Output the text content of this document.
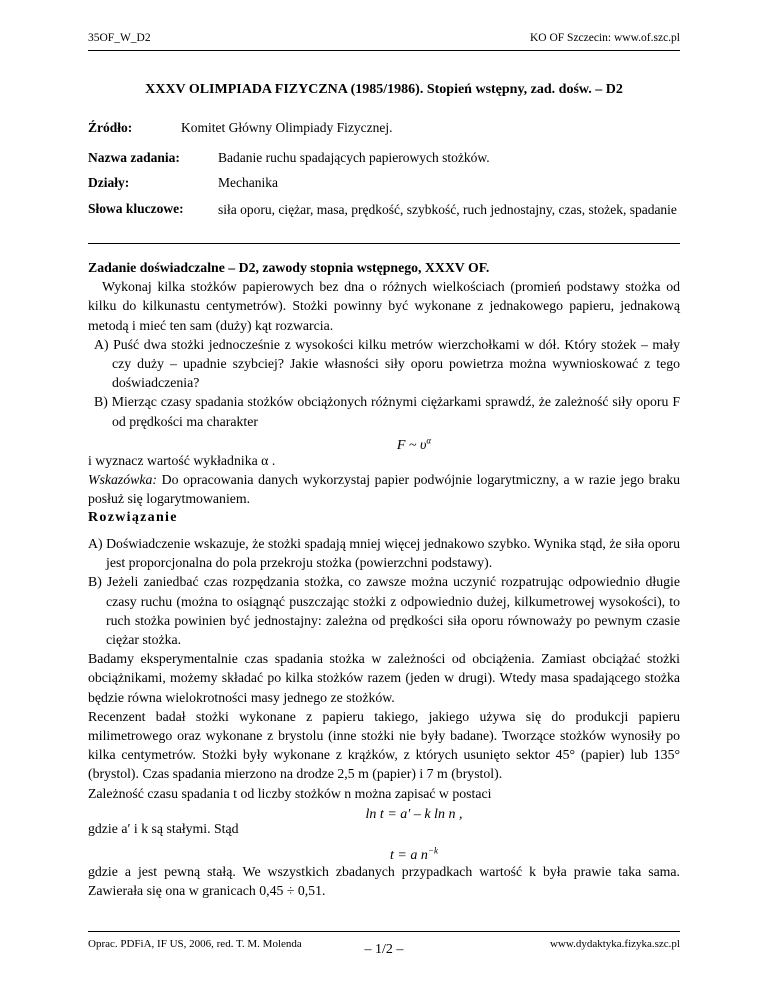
35OF_W_D2	KO OF Szczecin: www.of.szc.pl
XXXV OLIMPIADA FIZYCZNA (1985/1986). Stopień wstępny, zad. dośw. – D2
Źródło:	Komitet Główny Olimpiady Fizycznej.
Nazwa zadania:	Badanie ruchu spadających papierowych stożków.
Działy:	Mechanika
Słowa kluczowe:	siła oporu, ciężar, masa, prędkość, szybkość, ruch jednostajny, czas, stożek, spadanie
Zadanie doświadczalne – D2, zawody stopnia wstępnego, XXXV OF.
Wykonaj kilka stożków papierowych bez dna o różnych wielkościach (promień podstawy stożka od kilku do kilkunastu centymetrów). Stożki powinny być wykonane z jednakowego papieru, jednakową metodą i mieć ten sam (duży) kąt rozwarcia.
A) Puść dwa stożki jednocześnie z wysokości kilku metrów wierzchołkami w dół. Który stożek – mały czy duży – upadnie szybciej? Jakie własności siły oporu powietrza można wywnioskować z tego doświadczenia?
B) Mierząc czasy spadania stożków obciążonych różnymi ciężarkami sprawdź, że zależność siły oporu F od prędkości ma charakter
F ~ $\upsilon^\alpha$
i wyznacz wartość wykładnika α .
Wskazówka: Do opracowania danych wykorzystaj papier podwójnie logarytmiczny, a w razie jego braku posłuż się logarytmowaniem.
Rozwiązanie
A) Doświadczenie wskazuje, że stożki spadają mniej więcej jednakowo szybko. Wynika stąd, że siła oporu jest proporcjonalna do pola przekroju stożka (powierzchni podstawy).
B) Jeżeli zaniedbać czas rozpędzania stożka, co zawsze można uczynić rozpatrując odpowiednio długie czasy ruchu (można to osiągnąć puszczając stożki z odpowiednio dużej, kilkumetrowej wysokości), to ruch stożka powinien być jednostajny: zależna od prędkości siła oporu równoważy po pewnym czasie ciężar stożka.
Badamy eksperymentalnie czas spadania stożka w zależności od obciążenia. Zamiast obciążać stożki obciążnikami, możemy składać po kilka stożków razem (jeden w drugi). Wtedy masa spadającego stożka będzie równa wielokrotności masy jednego ze stożków.
Recenzent badał stożki wykonane z papieru takiego, jakiego używa się do produkcji papieru milimetrowego oraz wykonane z brystolu (inne stożki nie były badane). Tworzące stożków wynosiły po kilka centymetrów. Stożki były wykonane z krążków, z których usunięto sektor 45° (papier) lub 135° (brystol). Czas spadania mierzono na drodze 2,5 m (papier) i 7 m (brystol).
Zależność czasu spadania t od liczby stożków n można zapisać w postaci
ln t = a′ – k ln n ,
gdzie a′ i k są stałymi. Stąd
t = a $n^{-k}$
gdzie a jest pewną stałą. We wszystkich zbadanych przypadkach wartość k była prawie taka sama. Zawierała się ona w granicach 0,45 ÷ 0,51.
Oprac. PDFiA, IF US, 2006, red. T. M. Molenda	– 1/2 –	www.dydaktyka.fizyka.szc.pl
